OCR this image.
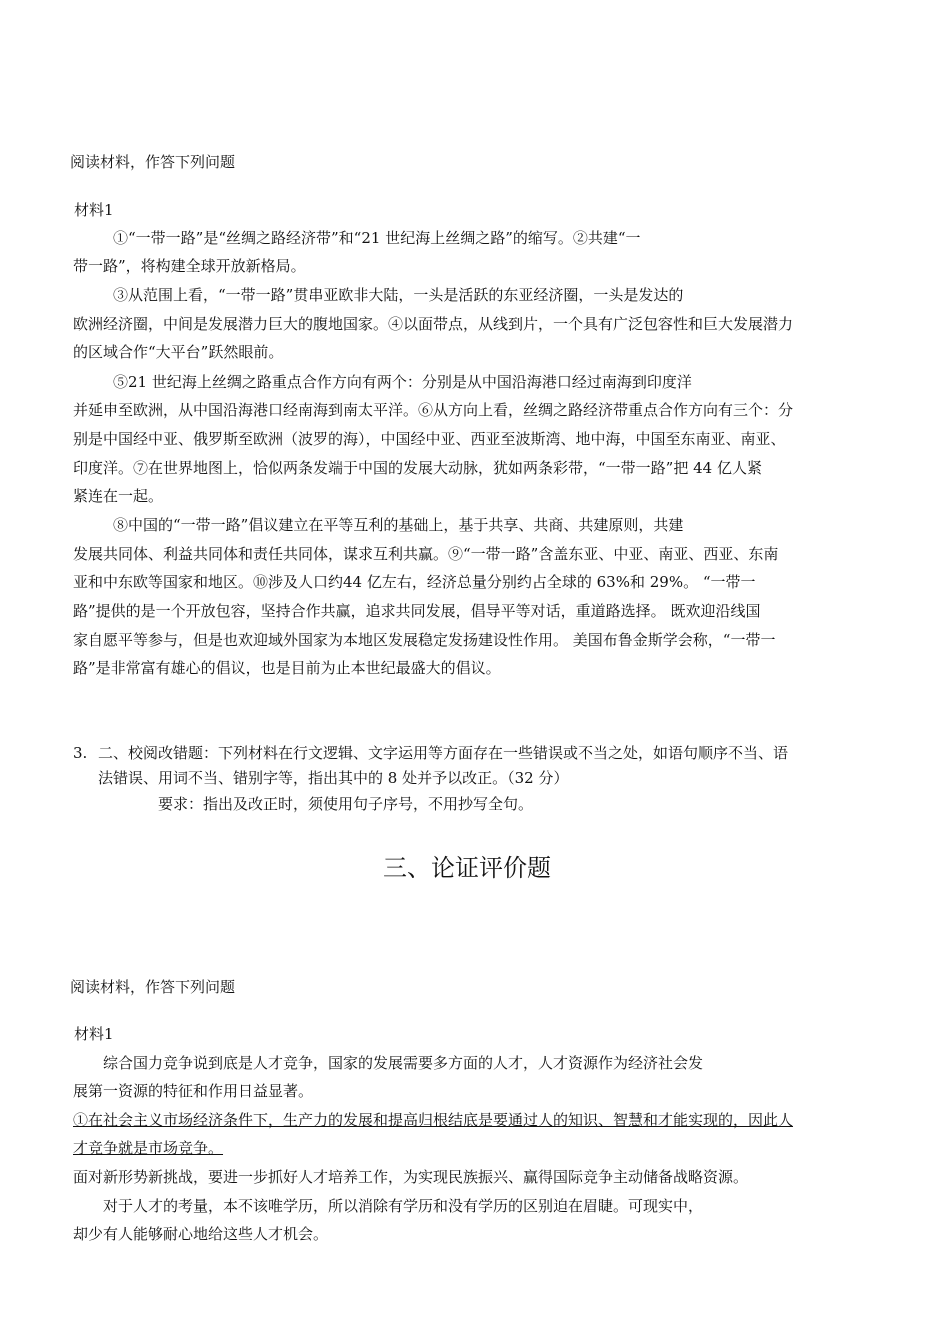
阅读材料，作答下列问题
材料1
①“一带一路”是“丝绸之路经济带”和“21 世纪海上丝绸之路”的缩写。②共建“一
带一路”，将构建全球开放新格局。
③从范围上看，“一带一路”贯串亚欧非大陆，一头是活跃的东亚经济圈，一头是发达的
欧洲经济圈，中间是发展潜力巨大的腹地国家。④以面带点，从线到片，一个具有广泛包容性和巨大发展潜力
的区域合作“大平台”跃然眼前。
⑤21 世纪海上丝绸之路重点合作方向有两个：分别是从中国沿海港口经过南海到印度洋
并延申至欧洲，从中国沿海港口经南海到南太平洋。⑥从方向上看，丝绸之路经济带重点合作方向有三个：分
别是中国经中亚、俄罗斯至欧洲（波罗的海），中国经中亚、西亚至波斯湾、地中海，中国至东南亚、南亚、
印度洋。⑦在世界地图上，恰似两条发端于中国的发展大动脉，犹如两条彩带，“一带一路”把 44 亿人紧
紧连在一起。
⑧中国的“一带一路”倡议建立在平等互利的基础上，基于共享、共商、共建原则，共建
发展共同体、利益共同体和责任共同体，谋求互利共赢。⑨“一带一路”含盖东亚、中亚、南亚、西亚、东南
亚和中东欧等国家和地区。⑩涉及人口约44 亿左右，经济总量分别约占全球的 63%和 29%。 “一带一
路”提供的是一个开放包容，坚持合作共赢，追求共同发展，倡导平等对话，重道路选择。 既欢迎沿线国
家自愿平等参与，但是也欢迎域外国家为本地区发展稳定发扬建设性作用。 美国布鲁金斯学会称，“一带一
路”是非常富有雄心的倡议，也是目前为止本世纪最盛大的倡议。
3. 二、校阅改错题：下列材料在行文逻辑、文字运用等方面存在一些错误或不当之处，如语句顺序不当、语
法错误、用词不当、错别字等，指出其中的 8 处并予以改正。（32 分）
要求：指出及改正时，须使用句子序号，不用抄写全句。
三、论证评价题
阅读材料，作答下列问题
材料1
综合国力竞争说到底是人才竞争，国家的发展需要多方面的人才，人才资源作为经济社会发
展第一资源的特征和作用日益显著。
①在社会主义市场经济条件下，生产力的发展和提高归根结底是要通过人的知识、智慧和才能实现的，因此人
才竞争就是市场竞争。
面对新形势新挑战，要进一步抓好人才培养工作，为实现民族振兴、赢得国际竞争主动储备战略资源。
对于人才的考量，本不该唯学历，所以消除有学历和没有学历的区别迫在眉睫。可现实中，
却少有人能够耐心地给这些人才机会。
